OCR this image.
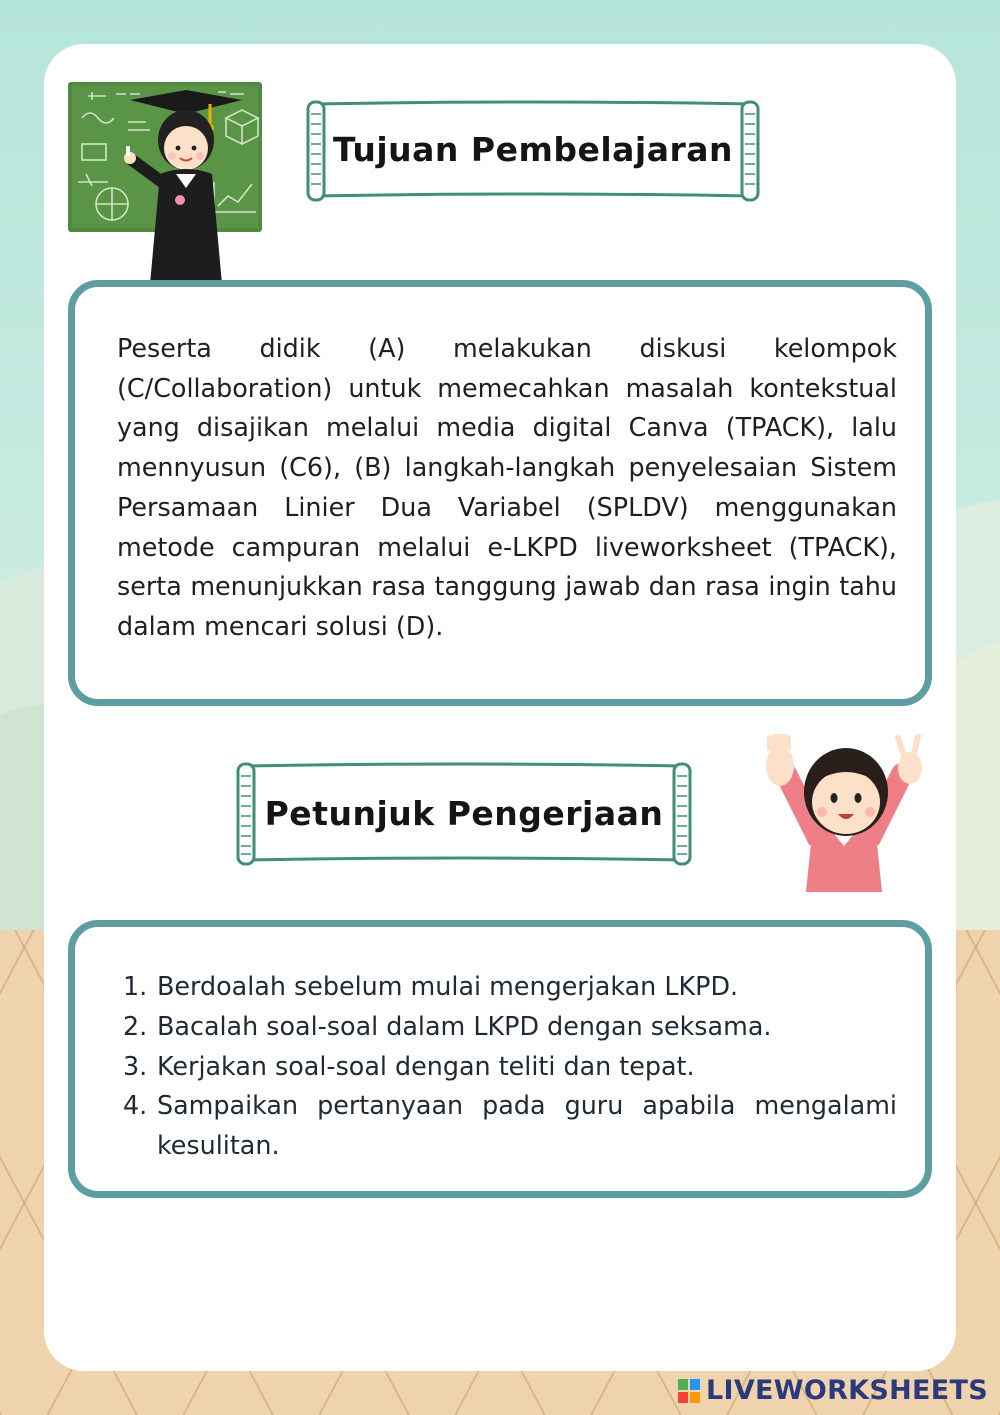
Tujuan Pembelajaran

Peserta didik (A) melakukan diskusi kelompok (C/Collaboration) untuk memecahkan masalah kontekstual yang disajikan melalui media digital Canva (TPACK), lalu mennyusun (C6), (B) langkah-langkah penyelesaian Sistem Persamaan Linier Dua Variabel (SPLDV) menggunakan metode campuran melalui e-LKPD liveworksheet (TPACK), serta menunjukkan rasa tanggung jawab dan rasa ingin tahu dalam mencari solusi (D).

Petunjuk Pengerjaan
1. Berdoalah sebelum mulai mengerjakan LKPD.
2. Bacalah soal-soal dalam LKPD dengan seksama.
3. Kerjakan soal-soal dengan teliti dan tepat.
4. Sampaikan pertanyaan pada guru apabila mengalami kesulitan.
LIVEWORKSHEETS
